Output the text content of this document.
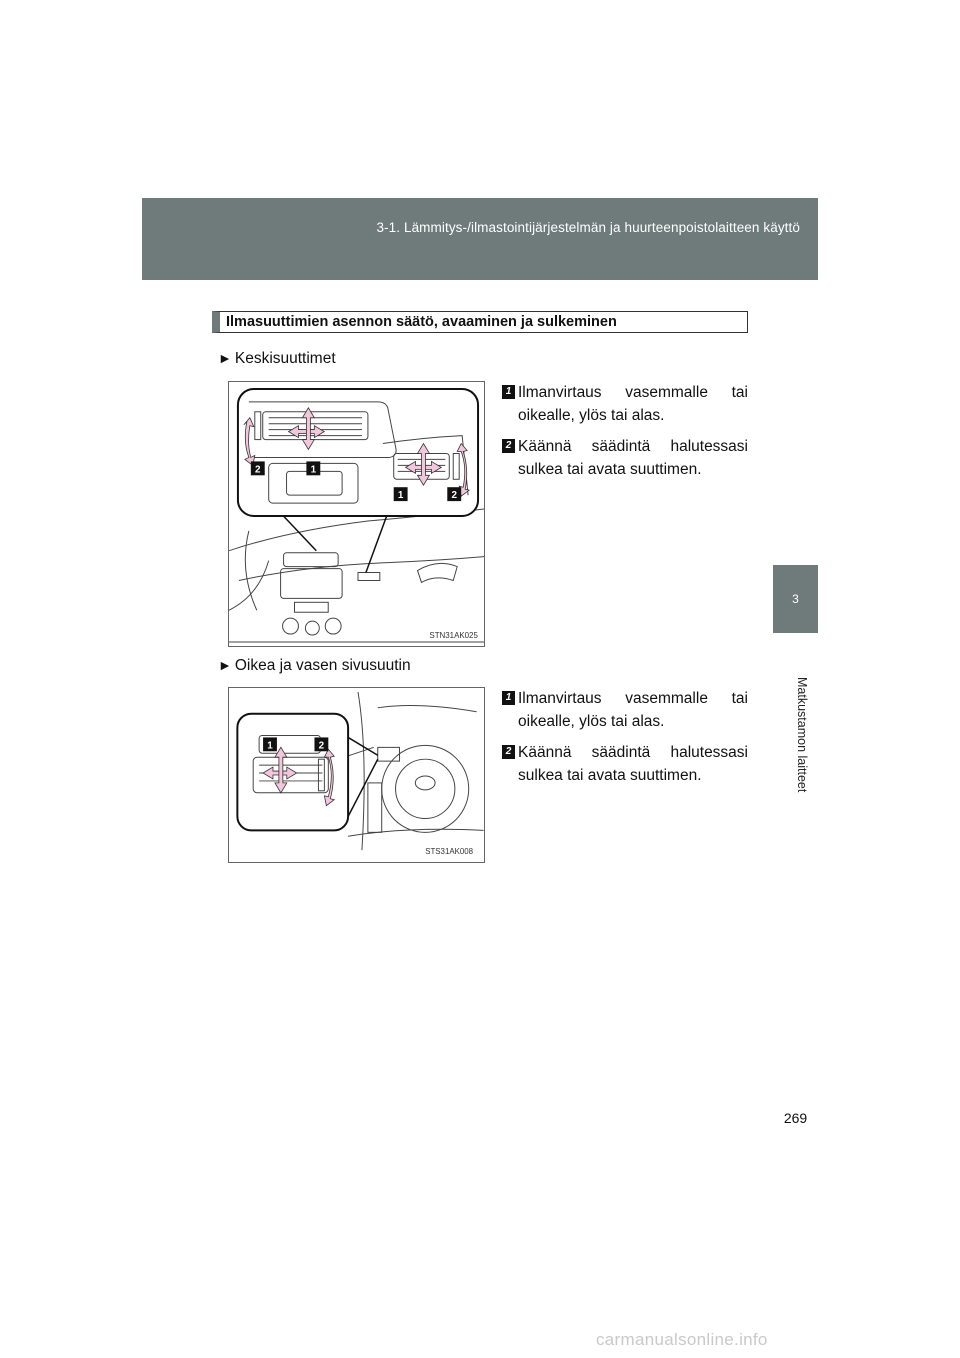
3-1. Lämmitys-/ilmastointijärjestelmän ja huurteenpoistolaitteen käyttö
3
Matkustamon laitteet
Ilmasuuttimien asennon säätö, avaaminen ja sulkeminen
► Keskisuuttimet
2	1
1	2
STN31AK025
1 Ilmanvirtaus vasemmalle tai
oikealle, ylös tai alas.
2 Käännä säädintä halutessasi
sulkea tai avata suuttimen.
► Oikea ja vasen sivusuutin
1	2
STS31AK008
1 Ilmanvirtaus vasemmalle tai
oikealle, ylös tai alas.
2 Käännä säädintä halutessasi
sulkea tai avata suuttimen.
269
carmanualsonline.info
